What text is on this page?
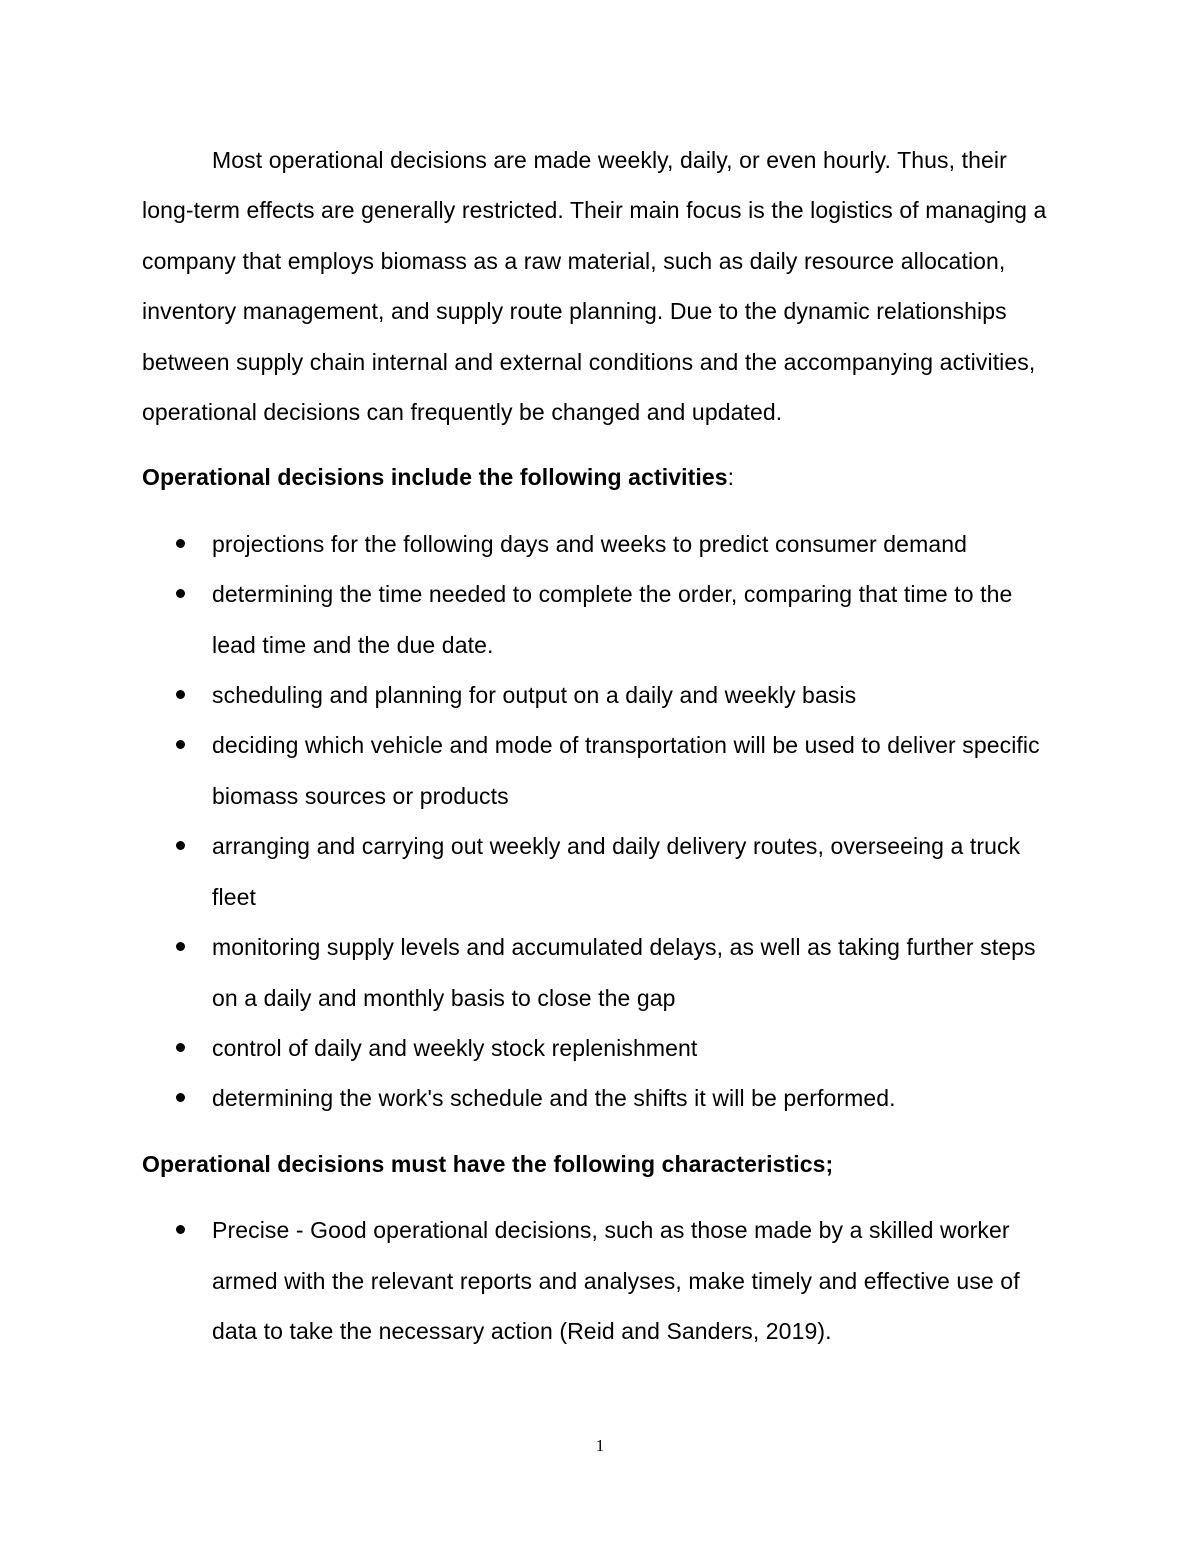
Most operational decisions are made weekly, daily, or even hourly. Thus, their long-term effects are generally restricted. Their main focus is the logistics of managing a company that employs biomass as a raw material, such as daily resource allocation, inventory management, and supply route planning. Due to the dynamic relationships between supply chain internal and external conditions and the accompanying activities, operational decisions can frequently be changed and updated.

Operational decisions include the following activities:

projections for the following days and weeks to predict consumer demand
determining the time needed to complete the order, comparing that time to the lead time and the due date.
scheduling and planning for output on a daily and weekly basis
deciding which vehicle and mode of transportation will be used to deliver specific biomass sources or products
arranging and carrying out weekly and daily delivery routes, overseeing a truck fleet
monitoring supply levels and accumulated delays, as well as taking further steps on a daily and monthly basis to close the gap
control of daily and weekly stock replenishment
determining the work's schedule and the shifts it will be performed.

Operational decisions must have the following characteristics;

Precise - Good operational decisions, such as those made by a skilled worker armed with the relevant reports and analyses, make timely and effective use of data to take the necessary action (Reid and Sanders, 2019).
1
